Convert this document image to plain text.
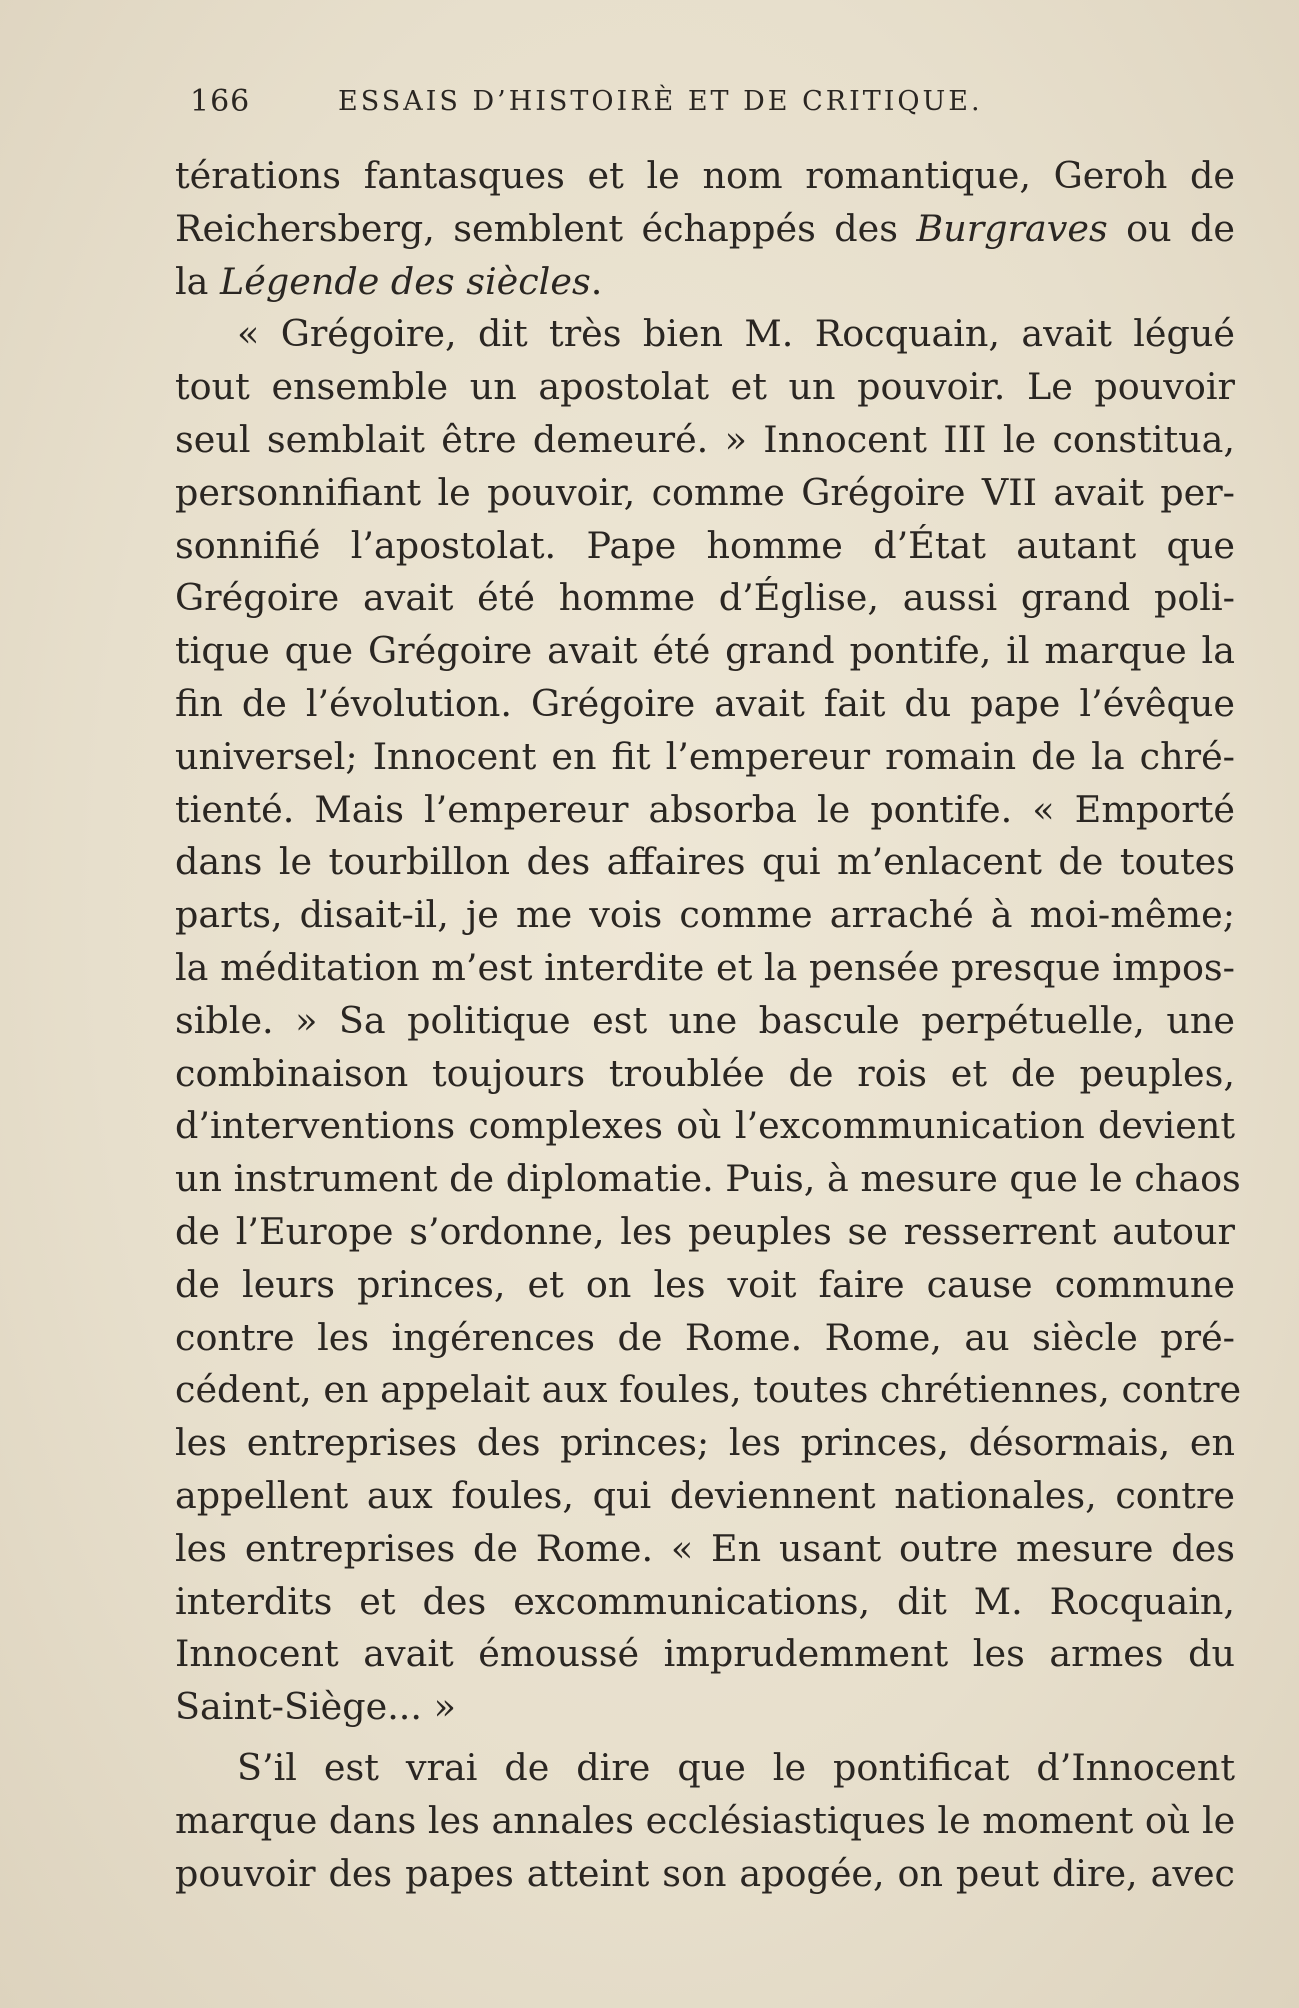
166	ESSAIS D’HISTOIRÈ ET DE CRITIQUE.
térations fantasques et le nom romantique, Geroh de
Reichersberg, semblent échappés des Burgraves ou de
la Légende des siècles.
« Grégoire, dit très bien M. Rocquain, avait légué
tout ensemble un apostolat et un pouvoir. Le pouvoir
seul semblait être demeuré. » Innocent III le constitua,
personnifiant le pouvoir, comme Grégoire VII avait per-
sonnifié l’apostolat. Pape homme d’État autant que
Grégoire avait été homme d’Église, aussi grand poli-
tique que Grégoire avait été grand pontife, il marque la
fin de l’évolution. Grégoire avait fait du pape l’évêque
universel; Innocent en fit l’empereur romain de la chré-
tienté. Mais l’empereur absorba le pontife. « Emporté
dans le tourbillon des affaires qui m’enlacent de toutes
parts, disait-il, je me vois comme arraché à moi-même;
la méditation m’est interdite et la pensée presque impos-
sible. » Sa politique est une bascule perpétuelle, une
combinaison toujours troublée de rois et de peuples,
d’interventions complexes où l’excommunication devient
un instrument de diplomatie. Puis, à mesure que le chaos
de l’Europe s’ordonne, les peuples se resserrent autour
de leurs princes, et on les voit faire cause commune
contre les ingérences de Rome. Rome, au siècle pré-
cédent, en appelait aux foules, toutes chrétiennes, contre
les entreprises des princes; les princes, désormais, en
appellent aux foules, qui deviennent nationales, contre
les entreprises de Rome. « En usant outre mesure des
interdits et des excommunications, dit M. Rocquain,
Innocent avait émoussé imprudemment les armes du
Saint-Siège... »
S’il est vrai de dire que le pontificat d’Innocent
marque dans les annales ecclésiastiques le moment où le
pouvoir des papes atteint son apogée, on peut dire, avec
